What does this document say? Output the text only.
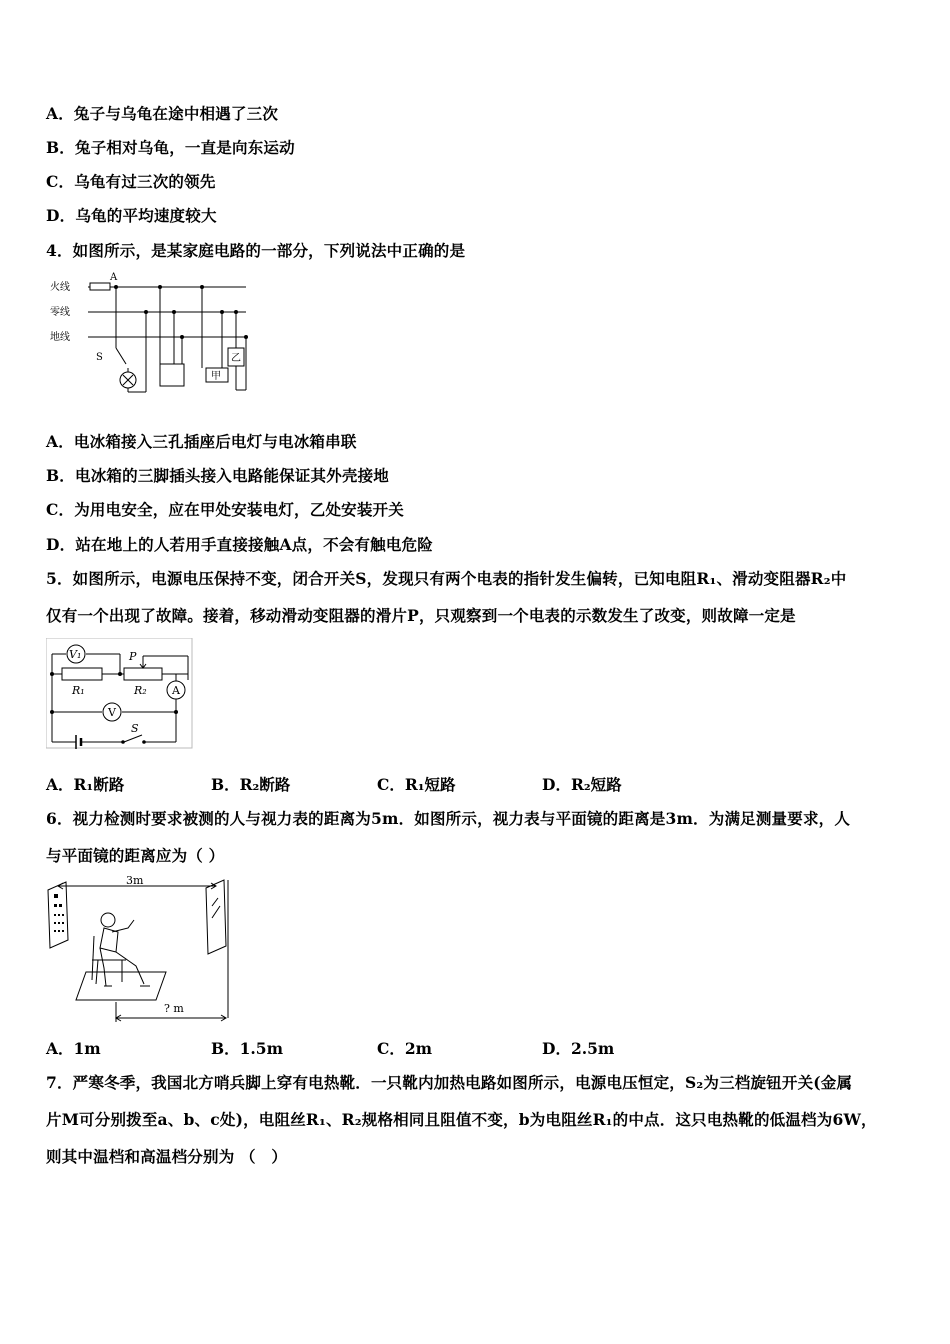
A．兔子与乌龟在途中相遇了三次
B．兔子相对乌龟，一直是向东运动
C．乌龟有过三次的领先
D．乌龟的平均速度较大
4．如图所示，是某家庭电路的一部分，下列说法中正确的是
火线
零线
地线
A
S
甲
乙
A．电冰箱接入三孔插座后电灯与电冰箱串联
B．电冰箱的三脚插头接入电路能保证其外壳接地
C．为用电安全，应在甲处安装电灯，乙处安装开关
D．站在地上的人若用手直接接触A点，不会有触电危险
5．如图所示，电源电压保持不变，闭合开关S，发现只有两个电表的指针发生偏转，已知电阻R₁、滑动变阻器R₂中
仅有一个出现了故障。接着，移动滑动变阻器的滑片P，只观察到一个电表的示数发生了改变，则故障一定是
V₁	P
R₁	R₂ A
V
S
A．R₁断路	B．R₂断路	C．R₁短路	D．R₂短路
6．视力检测时要求被测的人与视力表的距离为5m．如图所示，视力表与平面镜的距离是3m．为满足测量要求，人
与平面镜的距离应为（ ）
3m
? m
A．1m	B．1.5m	C．2m	D．2.5m
7．严寒冬季，我国北方哨兵脚上穿有电热靴．一只靴内加热电路如图所示，电源电压恒定，S₂为三档旋钮开关(金属
片M可分别拨至a、b、c处)，电阻丝R₁、R₂规格相同且阻值不变，b为电阻丝R₁的中点．这只电热靴的低温档为6W，
则其中温档和高温档分别为 （　）
